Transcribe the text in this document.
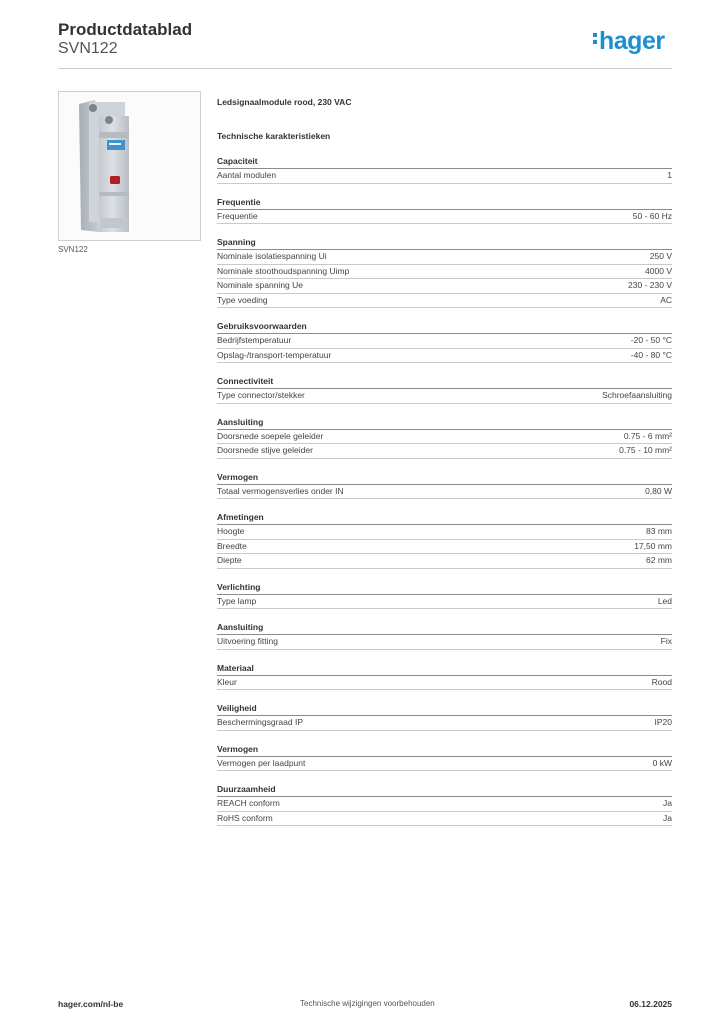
Productdatablad
SVN122	hager
SVN122
Ledsignaalmodule rood, 230 VAC
Technische karakteristieken
Capaciteit
Aantal modulen	1
Frequentie
Frequentie	50 - 60 Hz
Spanning
Nominale isolatiespanning Ui	250 V
Nominale stoothoudspanning Uimp	4000 V
Nominale spanning Ue	230 - 230 V
Type voeding	AC
Gebruiksvoorwaarden
Bedrijfstemperatuur	-20 - 50 °C
Opslag-/transport-temperatuur	-40 - 80 °C
Connectiviteit
Type connector/stekker	Schroefaansluiting
Aansluiting
Doorsnede soepele geleider	0.75 - 6 mm²
Doorsnede stijve geleider	0.75 - 10 mm²
Vermogen
Totaal vermogensverlies onder IN	0,80 W
Afmetingen
Hoogte	83 mm
Breedte	17,50 mm
Diepte	62 mm
Verlichting
Type lamp	Led
Aansluiting
Uitvoering fitting	Fix
Materiaal
Kleur	Rood
Veiligheid
Beschermingsgraad IP	IP20
Vermogen
Vermogen per laadpunt	0 kW
Duurzaamheid
REACH conform	Ja
RoHS conform	Ja
hager.com/nl-be	Technische wijzigingen voorbehouden	06.12.2025
